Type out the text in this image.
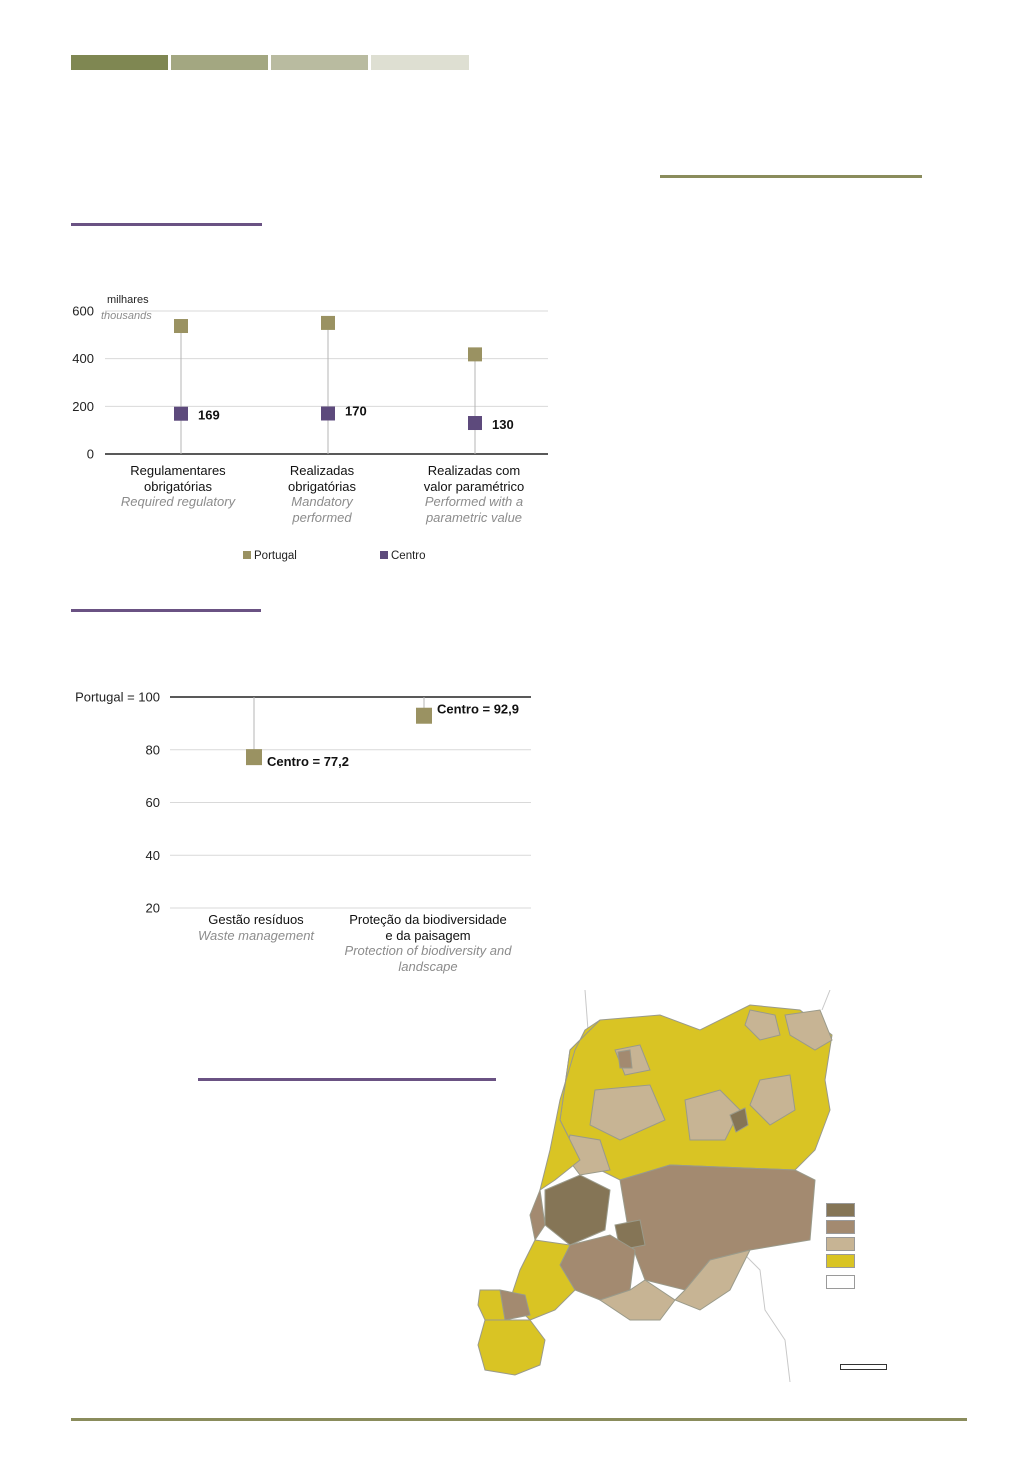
milhares
thousands
0
200
400
600
169	170
130
Regulamentares
obrigatórias
Required regulatory
Realizadas
obrigatórias
Mandatory
performed
Realizadas com
valor paramétrico
Performed with a
parametric value
Portugal	Centro
20
40
60
80
Portugal = 100
Centro = 77,2
Centro = 92,9
Gestão resíduos
Waste management
Proteção da biodiversidade
e da paisagem
Protection of biodiversity and
landscape
